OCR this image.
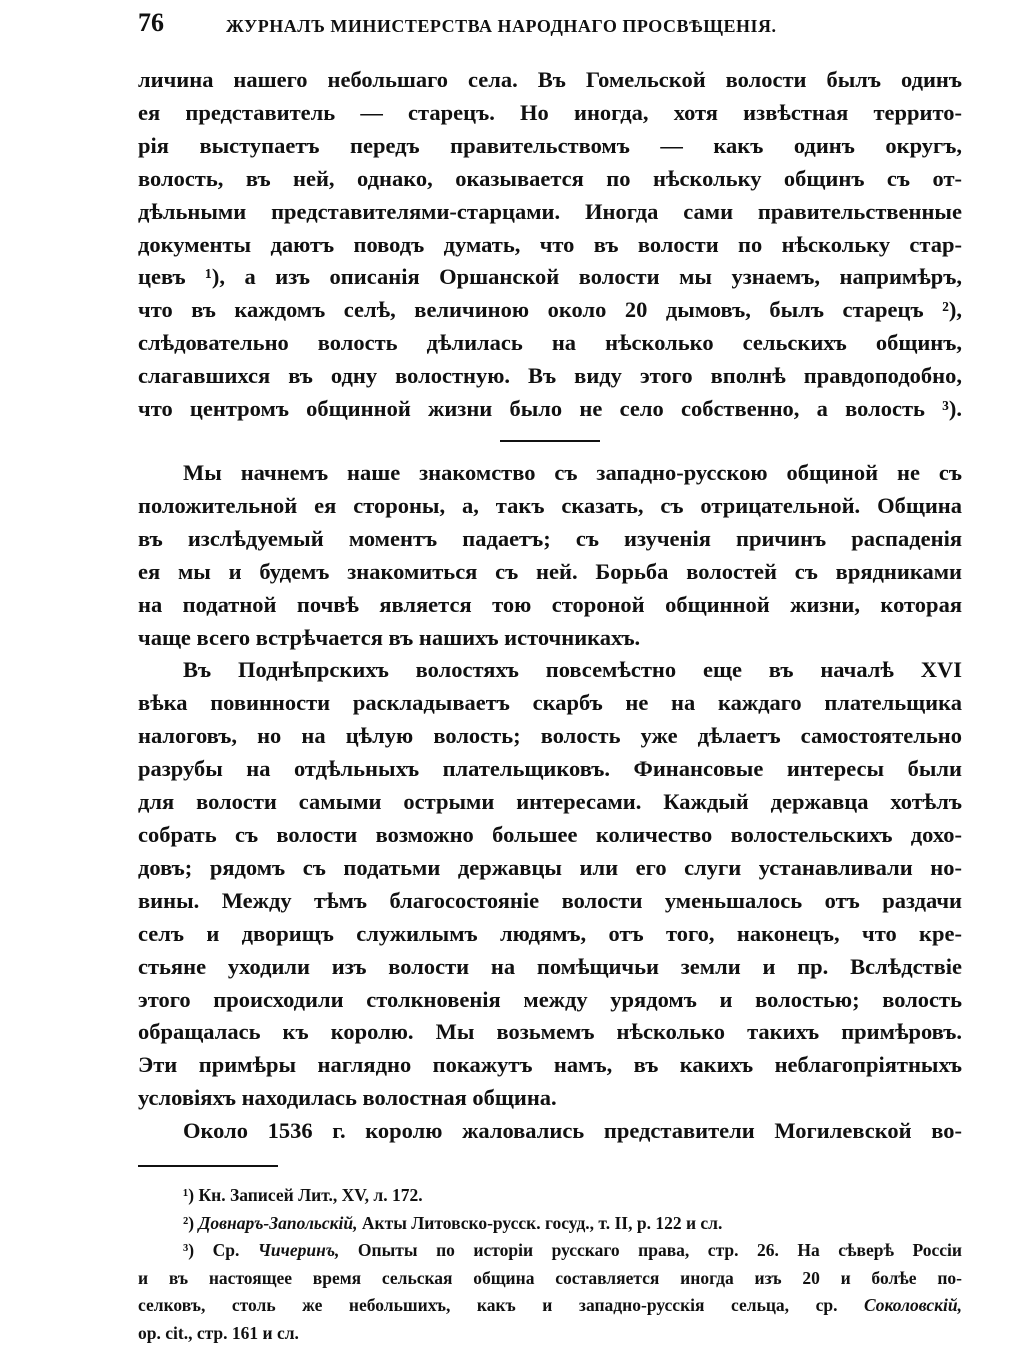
76	ЖУРНАЛЪ МИНИСТЕРСТВА НАРОДНАГО ПРОСВѢЩЕНІЯ.

личина нашего небольшаго села. Въ Гомельской волости былъ одинъ
ея представитель — старецъ. Но иногда, хотя извѣстная террито-
рія выступаетъ передъ правительствомъ — какъ одинъ округъ,
волость, въ ней, однако, оказывается по нѣскольку общинъ съ от-
дѣльными представителями-старцами. Иногда сами правительственные
документы даютъ поводъ думать, что въ волости по нѣскольку стар-
цевъ ¹), а изъ описанія Оршанской волости мы узнаемъ, напримѣръ,
что въ каждомъ селѣ, величиною около 20 дымовъ, былъ старецъ ²),
слѣдовательно волость дѣлилась на нѣсколько сельскихъ общинъ,
слагавшихся въ одну волостную. Въ виду этого вполнѣ правдоподобно,
что центромъ общинной жизни было не село собственно, а волость ³).

Мы начнемъ наше знакомство съ западно-русскою общиной не съ
положительной ея стороны, а, такъ сказать, съ отрицательной. Община
въ изслѣдуемый моментъ падаетъ; съ изученія причинъ распаденія
ея мы и будемъ знакомиться съ ней. Борьба волостей съ врядниками
на податной почвѣ является тою стороной общинной жизни, которая
чаще всего встрѣчается въ нашихъ источникахъ.

Въ Поднѣпрскихъ волостяхъ повсемѣстно еще въ началѣ XVI
вѣка повинности раскладываетъ скарбъ не на каждаго плательщика
налоговъ, но на цѣлую волость; волость уже дѣлаетъ самостоятельно
разрубы на отдѣльныхъ плательщиковъ. Финансовые интересы были
для волости самыми острыми интересами. Каждый державца хотѣлъ
собрать съ волости возможно большее количество волостельскихъ дохо-
довъ; рядомъ съ податьми державцы или его слуги устанавливали но-
вины. Между тѣмъ благосостояніе волости уменьшалось отъ раздачи
селъ и дворищъ служилымъ людямъ, отъ того, наконецъ, что кре-
стьяне уходили изъ волости на помѣщичьи земли и пр. Вслѣдствіе
этого происходили столкновенія между урядомъ и волостью; волость
обращалась къ королю. Мы возьмемъ нѣсколько такихъ примѣровъ.
Эти примѣры наглядно покажутъ намъ, въ какихъ неблагопріятныхъ
условіяхъ находилась волостная община.

Около 1536 г. королю жаловались представители Могилевской во-

¹) Кн. Записей Лит., XV, л. 172.

²) Довнаръ-Запольскій, Акты Литовско-русск. госуд., т. II, р. 122 и сл.

³) Ср. Чичеринъ, Опыты по исторіи русскаго права, стр. 26. На сѣверѣ Россіи
и въ настоящее время сельская община составляется иногда изъ 20 и болѣе по-
селковъ, столь же небольшихъ, какъ и западно-русскія сельца, ср. Соколовскій,
op. cit., стр. 161 и сл.
